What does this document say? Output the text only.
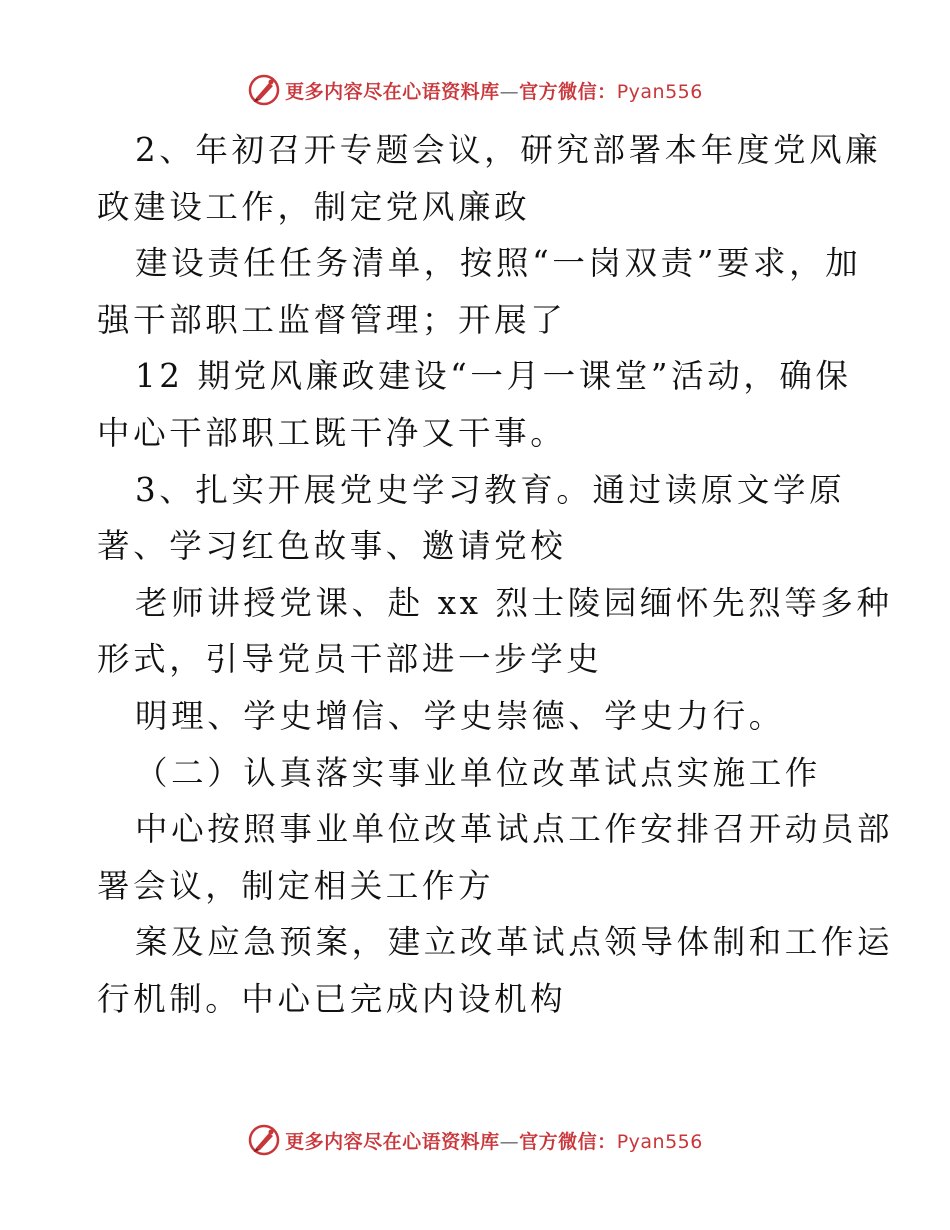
更多内容尽在心语资料库—官方微信：Pyan556
2、年初召开专题会议，研究部署本年度党风廉
政建设工作，制定党风廉政
建设责任任务清单，按照“一岗双责”要求，加
强干部职工监督管理；开展了
12 期党风廉政建设“一月一课堂”活动，确保
中心干部职工既干净又干事。
3、扎实开展党史学习教育。通过读原文学原
著、学习红色故事、邀请党校
老师讲授党课、赴 xx 烈士陵园缅怀先烈等多种
形式，引导党员干部进一步学史
明理、学史增信、学史崇德、学史力行。
（二）认真落实事业单位改革试点实施工作
中心按照事业单位改革试点工作安排召开动员部
署会议，制定相关工作方
案及应急预案，建立改革试点领导体制和工作运
行机制。中心已完成内设机构
更多内容尽在心语资料库—官方微信：Pyan556
